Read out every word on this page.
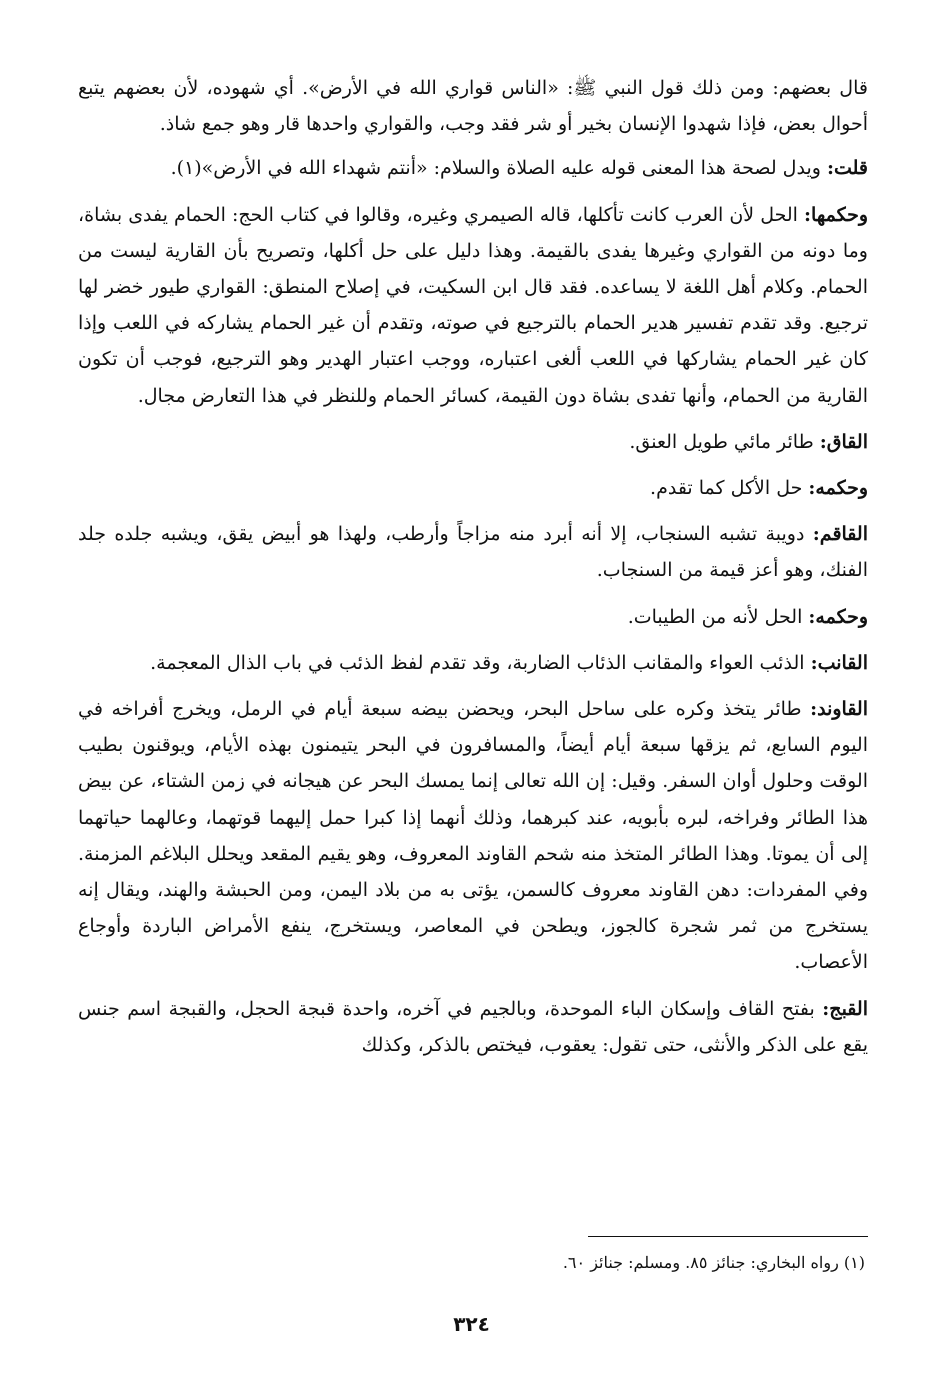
قال بعضهم: ومن ذلك قول النبي ﷺ: «الناس قواري الله في الأرض». أي شهوده، لأن بعضهم يتبع أحوال بعض، فإذا شهدوا الإنسان بخير أو شر فقد وجب، والقواري واحدها قار وهو جمع شاذ.

قلت: ويدل لصحة هذا المعنى قوله عليه الصلاة والسلام: «أنتم شهداء الله في الأرض»(١).

وحكمها: الحل لأن العرب كانت تأكلها، قاله الصيمري وغيره، وقالوا في كتاب الحج: الحمام يفدى بشاة، وما دونه من القواري وغيرها يفدى بالقيمة. وهذا دليل على حل أكلها، وتصريح بأن القارية ليست من الحمام. وكلام أهل اللغة لا يساعده. فقد قال ابن السكيت، في إصلاح المنطق: القواري طيور خضر لها ترجيع. وقد تقدم تفسير هدير الحمام بالترجيع في صوته، وتقدم أن غير الحمام يشاركه في اللعب وإذا كان غير الحمام يشاركها في اللعب ألغى اعتباره، ووجب اعتبار الهدير وهو الترجيع، فوجب أن تكون القارية من الحمام، وأنها تفدى بشاة دون القيمة، كسائر الحمام وللنظر في هذا التعارض مجال.

القاق: طائر مائي طويل العنق.

وحكمه: حل الأكل كما تقدم.

القاقم: دويبة تشبه السنجاب، إلا أنه أبرد منه مزاجاً وأرطب، ولهذا هو أبيض يقق، ويشبه جلده جلد الفنك، وهو أعز قيمة من السنجاب.

وحكمه: الحل لأنه من الطيبات.

القانب: الذئب العواء والمقانب الذئاب الضاربة، وقد تقدم لفظ الذئب في باب الذال المعجمة.

القاوند: طائر يتخذ وكره على ساحل البحر، ويحضن بيضه سبعة أيام في الرمل، ويخرج أفراخه في اليوم السابع، ثم يزقها سبعة أيام أيضاً، والمسافرون في البحر يتيمنون بهذه الأيام، ويوقنون بطيب الوقت وحلول أوان السفر. وقيل: إن الله تعالى إنما يمسك البحر عن هيجانه في زمن الشتاء، عن بيض هذا الطائر وفراخه، لبره بأبويه، عند كبرهما، وذلك أنهما إذا كبرا حمل إليهما قوتهما، وعالهما حياتهما إلى أن يموتا. وهذا الطائر المتخذ منه شحم القاوند المعروف، وهو يقيم المقعد ويحلل البلاغم المزمنة. وفي المفردات: دهن القاوند معروف كالسمن، يؤتى به من بلاد اليمن، ومن الحبشة والهند، ويقال إنه يستخرج من ثمر شجرة كالجوز، ويطحن في المعاصر، ويستخرج، ينفع الأمراض الباردة وأوجاع الأعصاب.

القبج: بفتح القاف وإسكان الباء الموحدة، وبالجيم في آخره، واحدة قبجة الحجل، والقبجة اسم جنس يقع على الذكر والأنثى، حتى تقول: يعقوب، فيختص بالذكر، وكذلك

(١) رواه البخاري: جنائز ٨٥. ومسلم: جنائز ٦٠.
٣٢٤
